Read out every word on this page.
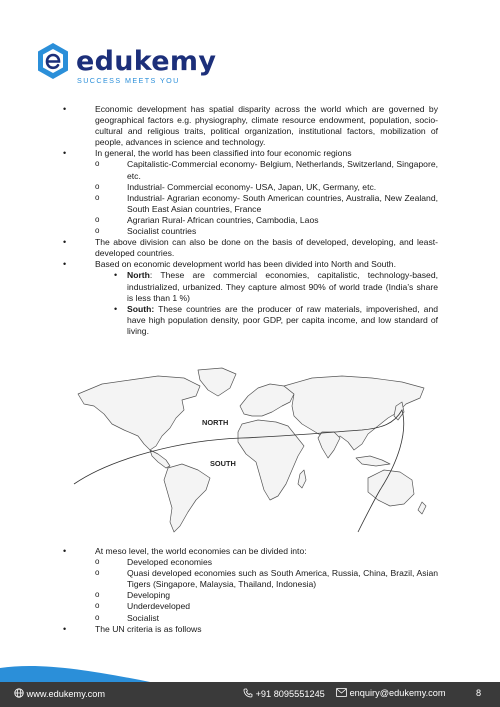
edukemy
SUCCESS MEETS YOU
• Economic development has spatial disparity across the world which are governed by geographical factors e.g. physiography, climate resource endowment, population, socio-cultural and religious traits, political organization, institutional factors, mobilization of people, advances in science and technology.
• In general, the world has been classified into four economic regions
o Capitalistic-Commercial economy- Belgium, Netherlands, Switzerland, Singapore, etc.
o Industrial- Commercial economy- USA, Japan, UK, Germany, etc.
o Industrial- Agrarian economy- South American countries, Australia, New Zealand, South East Asian countries, France
o Agrarian Rural- African countries, Cambodia, Laos
o Socialist countries
• The above division can also be done on the basis of developed, developing, and least-developed countries.
• Based on economic development world has been divided into North and South.
• North: These are commercial economies, capitalistic, technology-based, industrialized, urbanized. They capture almost 90% of world trade (India’s share is less than 1 %)
• South: These countries are the producer of raw materials, impoverished, and have high population density, poor GDP, per capita income, and low standard of living.
NORTH
SOUTH
• At meso level, the world economies can be divided into:
o Developed economies
o Quasi developed economies such as South America, Russia, China, Brazil, Asian Tigers (Singapore, Malaysia, Thailand, Indonesia)
o Developing
o Underdeveloped
o Socialist
• The UN criteria is as follows
www.edukemy.com	+91 8095551245	enquiry@edukemy.com	8
